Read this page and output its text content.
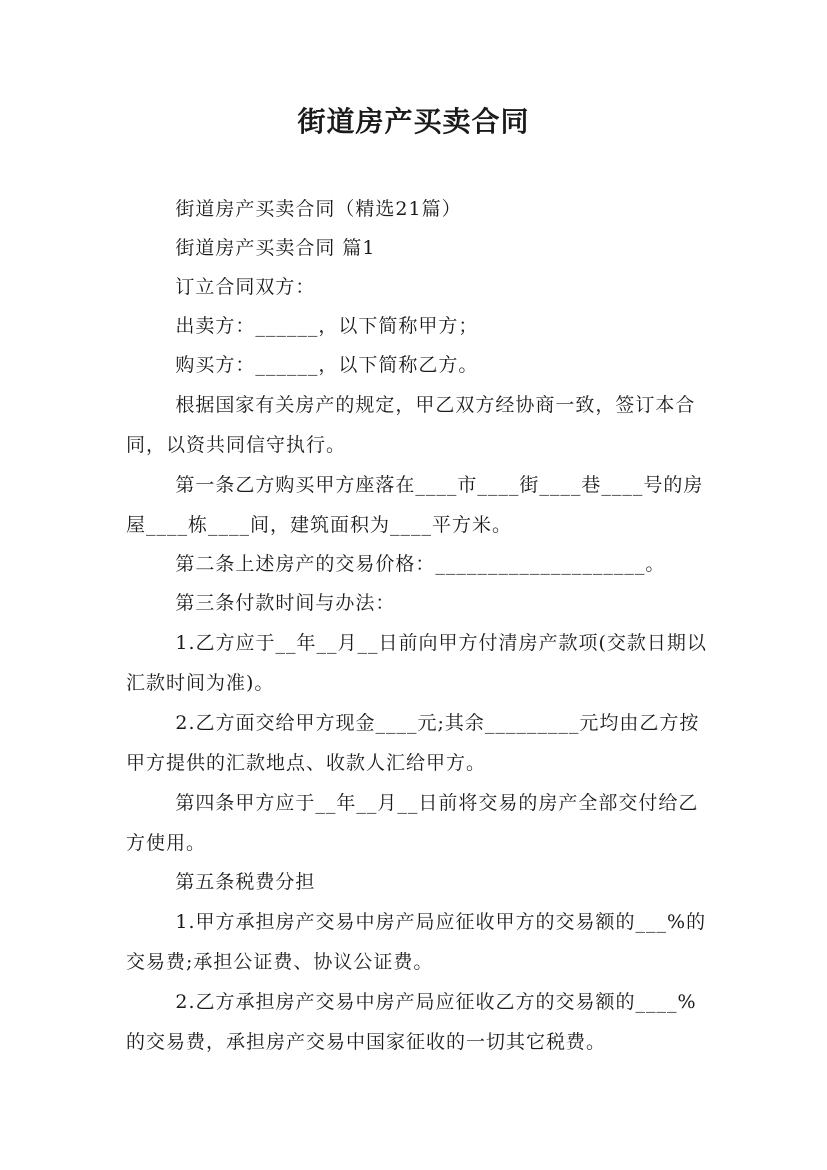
街道房产买卖合同

街道房产买卖合同（精选21篇）

街道房产买卖合同 篇1

订立合同双方：

出卖方：______，以下简称甲方；

购买方：______，以下简称乙方。

根据国家有关房产的规定，甲乙双方经协商一致，签订本合同，以资共同信守执行。

第一条乙方购买甲方座落在____市____街____巷____号的房屋____栋____间，建筑面积为____平方米。

第二条上述房产的交易价格：____________________。

第三条付款时间与办法：

1.乙方应于__年__月__日前向甲方付清房产款项(交款日期以汇款时间为准)。

2.乙方面交给甲方现金____元;其余_________元均由乙方按甲方提供的汇款地点、收款人汇给甲方。

第四条甲方应于__年__月__日前将交易的房产全部交付给乙方使用。

第五条税费分担

1.甲方承担房产交易中房产局应征收甲方的交易额的___%的交易费;承担公证费、协议公证费。

2.乙方承担房产交易中房产局应征收乙方的交易额的____%的交易费，承担房产交易中国家征收的一切其它税费。
